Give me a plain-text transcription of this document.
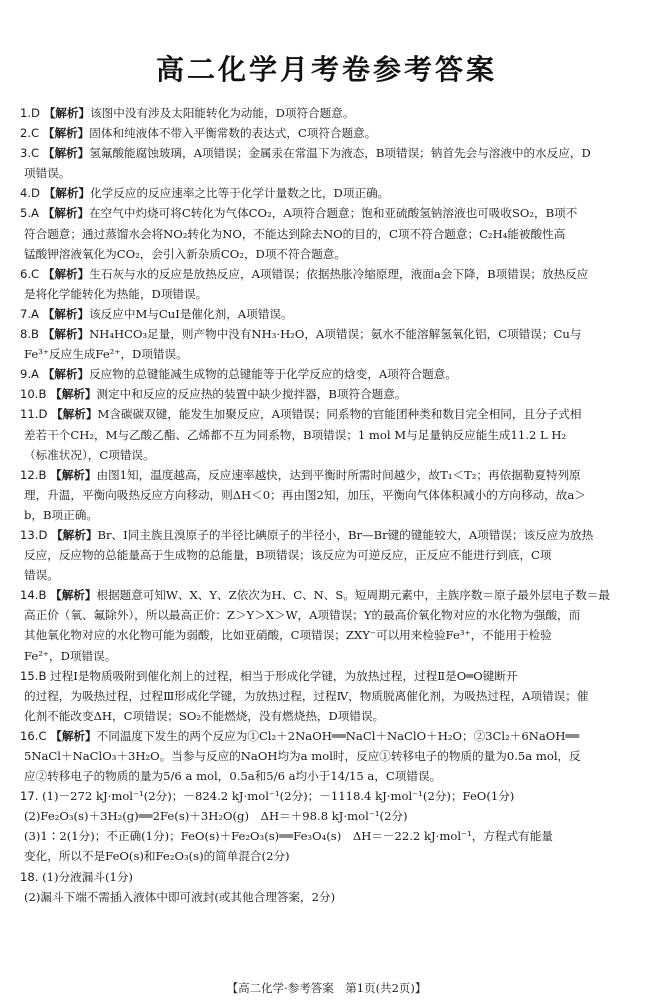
高二化学月考卷参考答案
1.D 【解析】该图中没有涉及太阳能转化为动能，D项符合题意。
2.C 【解析】固体和纯液体不带入平衡常数的表达式，C项符合题意。
3.C 【解析】氢氟酸能腐蚀玻璃，A项错误；金属汞在常温下为液态，B项错误；钠首先会与溶液中的水反应，D
项错误。
4.D 【解析】化学反应的反应速率之比等于化学计量数之比，D项正确。
5.A 【解析】在空气中灼烧可将C转化为气体CO₂，A项符合题意；饱和亚硫酸氢钠溶液也可吸收SO₂，B项不
符合题意；通过蒸馏水会将NO₂转化为NO，不能达到除去NO的目的，C项不符合题意；C₂H₄能被酸性高
锰酸钾溶液氧化为CO₂，会引入新杂质CO₂，D项不符合题意。
6.C 【解析】生石灰与水的反应是放热反应，A项错误；依据热胀冷缩原理，液面a会下降，B项错误；放热反应
是将化学能转化为热能，D项错误。
7.A 【解析】该反应中M与CuI是催化剂，A项错误。
8.B 【解析】NH₄HCO₃足量，则产物中没有NH₃·H₂O，A项错误；氨水不能溶解氢氧化铝，C项错误；Cu与
Fe³⁺反应生成Fe²⁺，D项错误。
9.A 【解析】反应物的总键能减生成物的总键能等于化学反应的焓变，A项符合题意。
10.B 【解析】测定中和反应的反应热的装置中缺少搅拌器，B项符合题意。
11.D 【解析】M含碳碳双键，能发生加聚反应，A项错误；同系物的官能团种类和数目完全相同，且分子式相
差若干个CH₂，M与乙酸乙酯、乙烯都不互为同系物，B项错误；1 mol M与足量钠反应能生成11.2 L H₂
（标准状况），C项错误。
12.B 【解析】由图1知，温度越高，反应速率越快，达到平衡时所需时间越少，故T₁＜T₂；再依据勒夏特列原
理，升温，平衡向吸热反应方向移动，则ΔH＜0；再由图2知，加压，平衡向气体体积减小的方向移动，故a＞
b，B项正确。
13.D 【解析】Br、I同主族且溴原子的半径比碘原子的半径小，Br—Br键的键能较大，A项错误；该反应为放热
反应，反应物的总能量高于生成物的总能量，B项错误；该反应为可逆反应，正反应不能进行到底，C项
错误。
14.B 【解析】根据题意可知W、X、Y、Z依次为H、C、N、S。短周期元素中，主族序数＝原子最外层电子数＝最
高正价（氧、氟除外），所以最高正价：Z＞Y＞X＞W，A项错误；Y的最高价氧化物对应的水化物为强酸，而
其他氧化物对应的水化物可能为弱酸，比如亚硝酸，C项错误；ZXY⁻可以用来检验Fe³⁺，不能用于检验
Fe²⁺，D项错误。
15.B 过程Ⅰ是物质吸附到催化剂上的过程，相当于形成化学键，为放热过程，过程Ⅱ是O═O键断开
的过程，为吸热过程，过程Ⅲ形成化学键，为放热过程，过程Ⅳ，物质脱离催化剂，为吸热过程，A项错误；催
化剂不能改变ΔH，C项错误；SO₂不能燃烧，没有燃烧热，D项错误。
16.C 【解析】不同温度下发生的两个反应为①Cl₂＋2NaOH══NaCl＋NaClO＋H₂O；②3Cl₂＋6NaOH══
5NaCl＋NaClO₃＋3H₂O。当参与反应的NaOH均为a mol时，反应①转移电子的物质的量为0.5a mol，反
应②转移电子的物质的量为5/6 a mol，0.5a和5/6 a均小于14/15 a，C项错误。
17. (1)－272 kJ·mol⁻¹(2分)；－824.2 kJ·mol⁻¹(2分)；－1118.4 kJ·mol⁻¹(2分)；FeO(1分)
(2)Fe₂O₃(s)＋3H₂(g)══2Fe(s)＋3H₂O(g)　ΔH＝＋98.8 kJ·mol⁻¹(2分)
(3)1∶2(1分)；不正确(1分)；FeO(s)＋Fe₂O₃(s)══Fe₃O₄(s)　ΔH＝－22.2 kJ·mol⁻¹，方程式有能量
变化，所以不是FeO(s)和Fe₂O₃(s)的简单混合(2分)
18. (1)分液漏斗(1分)
(2)漏斗下端不需插入液体中即可液封(或其他合理答案，2分)
【高二化学·参考答案　第1页(共2页)】
